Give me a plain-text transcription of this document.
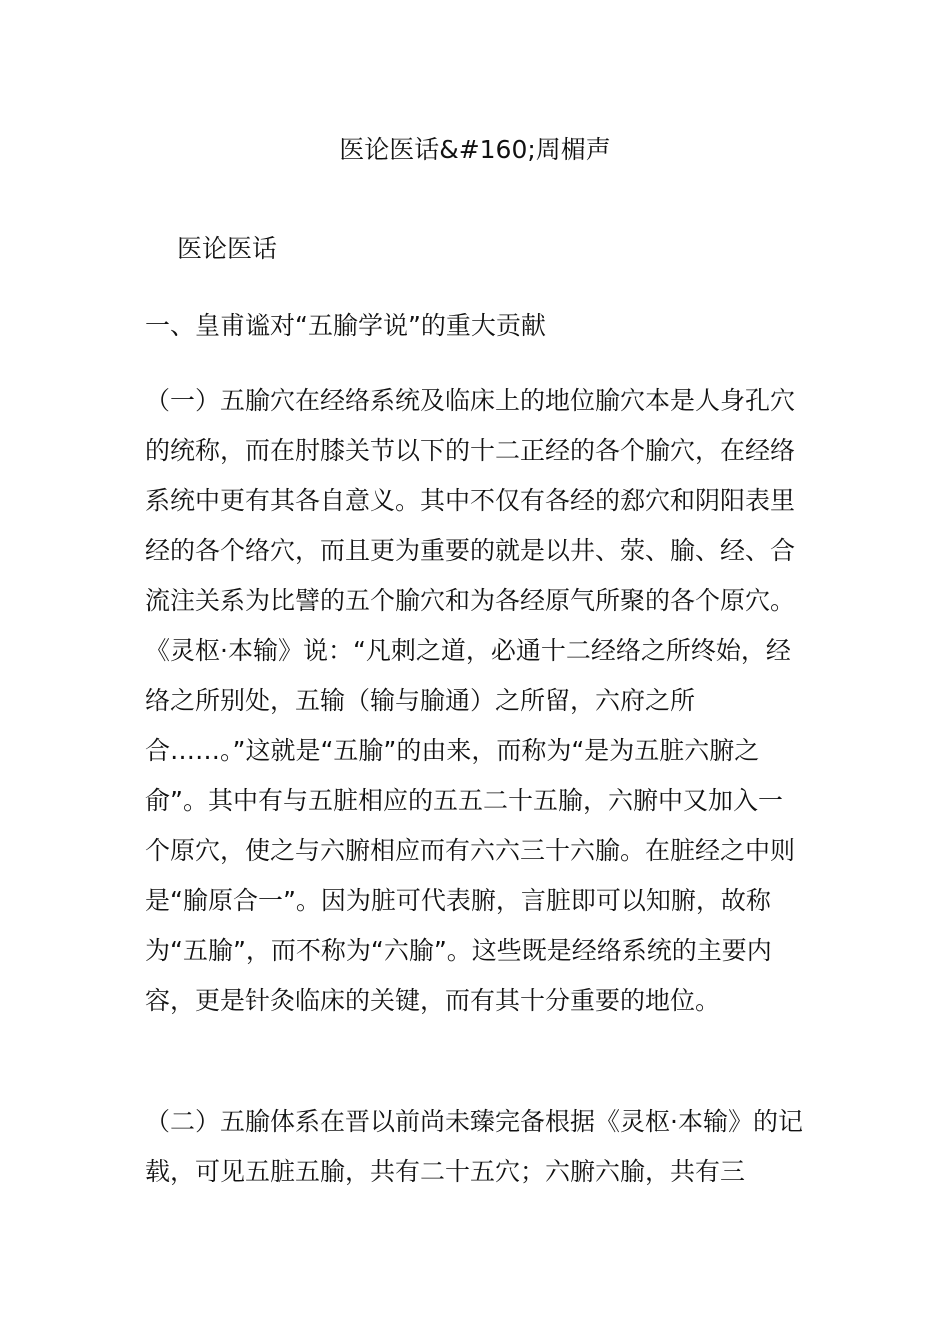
医论医话&#160;周楣声

医论医话

一、皇甫谧对“五腧学说”的重大贡献

（一）五腧穴在经络系统及临床上的地位腧穴本是人身孔穴的统称，而在肘膝关节以下的十二正经的各个腧穴，在经络系统中更有其各自意义。其中不仅有各经的郄穴和阴阳表里经的各个络穴，而且更为重要的就是以井、荥、腧、经、合流注关系为比譬的五个腧穴和为各经原气所聚的各个原穴。《灵枢·本输》说：“凡刺之道，必通十二经络之所终始，经络之所别处，五输（输与腧通）之所留，六府之所合……。”这就是“五腧”的由来，而称为“是为五脏六腑之俞”。其中有与五脏相应的五五二十五腧，六腑中又加入一个原穴，使之与六腑相应而有六六三十六腧。在脏经之中则是“腧原合一”。因为脏可代表腑，言脏即可以知腑，故称为“五腧”，而不称为“六腧”。这些既是经络系统的主要内容，更是针灸临床的关键，而有其十分重要的地位。

（二）五腧体系在晋以前尚未臻完备根据《灵枢·本输》的记载，可见五脏五腧，共有二十五穴；六腑六腧，共有三
